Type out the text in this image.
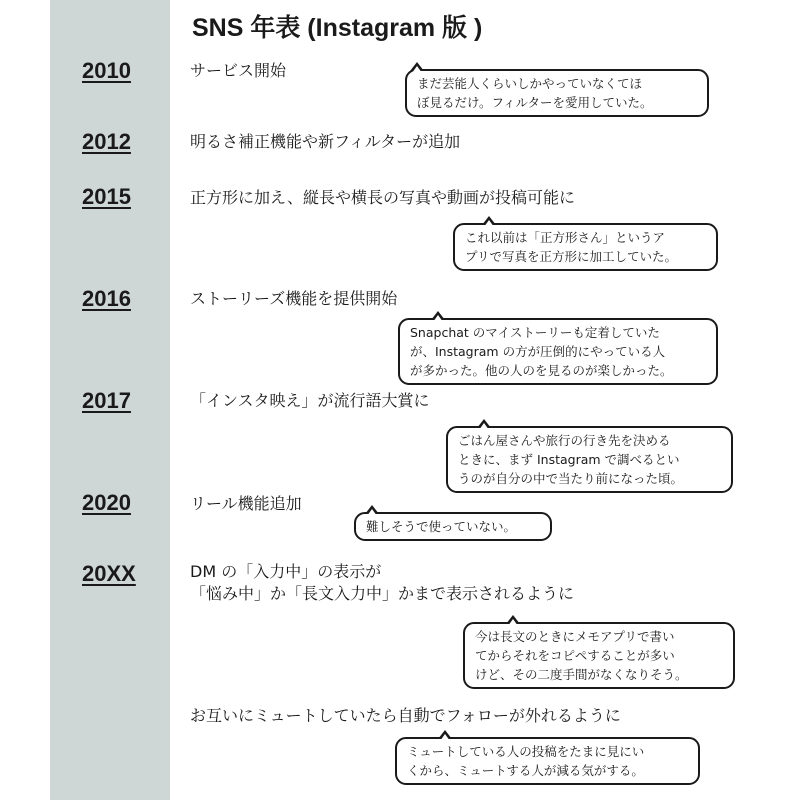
SNS 年表 (Instagram 版 )
2010	サービス開始
まだ芸能人くらいしかやっていなくてほ
ぼ見るだけ。フィルターを愛用していた。
2012	明るさ補正機能や新フィルターが追加
2015	正方形に加え、縦長や横長の写真や動画が投稿可能に
これ以前は「正方形さん」というア
プリで写真を正方形に加工していた。
2016	ストーリーズ機能を提供開始
Snapchat のマイストーリーも定着していた
が、Instagram の方が圧倒的にやっている人
が多かった。他の人のを見るのが楽しかった。
2017	「インスタ映え」が流行語大賞に
ごはん屋さんや旅行の行き先を決める
ときに、まず Instagram で調べるとい
うのが自分の中で当たり前になった頃。
2020	リール機能追加
難しそうで使っていない。
20XX	DM の「入力中」の表示が
「悩み中」か「長文入力中」かまで表示されるように
今は長文のときにメモアプリで書い
てからそれをコピペすることが多い
けど、その二度手間がなくなりそう。
お互いにミュートしていたら自動でフォローが外れるように
ミュートしている人の投稿をたまに見にい
くから、ミュートする人が減る気がする。
